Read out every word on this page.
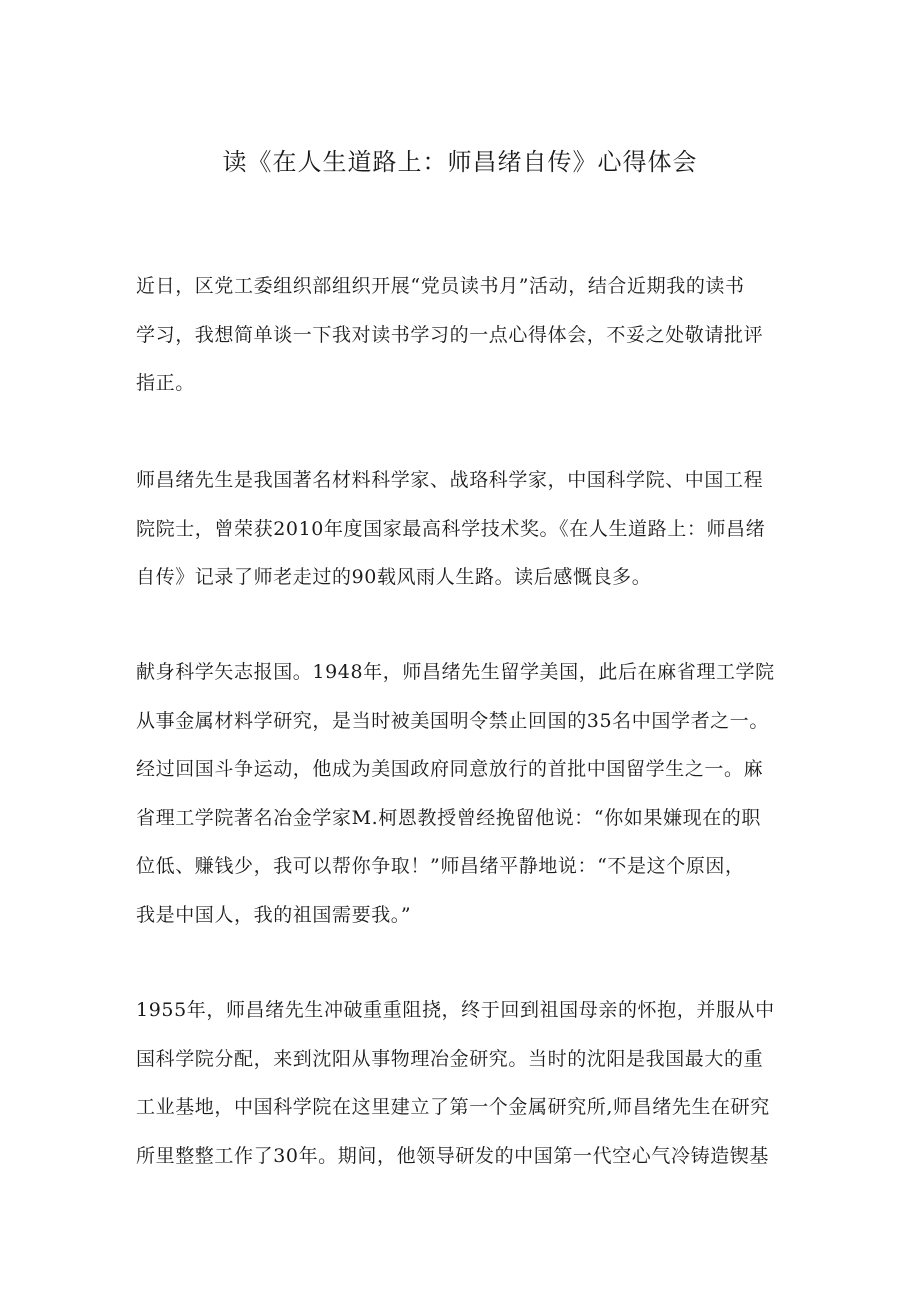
读《在人生道路上：师昌绪自传》心得体会
近日，区党工委组织部组织开展“党员读书月”活动，结合近期我的读书
学习，我想简单谈一下我对读书学习的一点心得体会，不妥之处敬请批评
指正。
师昌绪先生是我国著名材料科学家、战珞科学家，中国科学院、中国工程
院院士，曾荣获2010年度国家最高科学技术奖。《在人生道路上：师昌绪
自传》记录了师老走过的90载风雨人生路。读后感慨良多。
献身科学矢志报国。1948年，师昌绪先生留学美国，此后在麻省理工学院
从事金属材料学研究，是当时被美国明令禁止回国的35名中国学者之一。
经过回国斗争运动，他成为美国政府同意放行的首批中国留学生之一。麻
省理工学院著名冶金学家M.柯恩教授曾经挽留他说：“你如果嫌现在的职
位低、赚钱少，我可以帮你争取！”师昌绪平静地说：“不是这个原因，
我是中国人，我的祖国需要我。”
1955年，师昌绪先生冲破重重阻挠，终于回到祖国母亲的怀抱，并服从中
国科学院分配，来到沈阳从事物理冶金研究。当时的沈阳是我国最大的重
工业基地，中国科学院在这里建立了第一个金属研究所,师昌绪先生在研究
所里整整工作了30年。期间，他领导研发的中国第一代空心气冷铸造锲基
